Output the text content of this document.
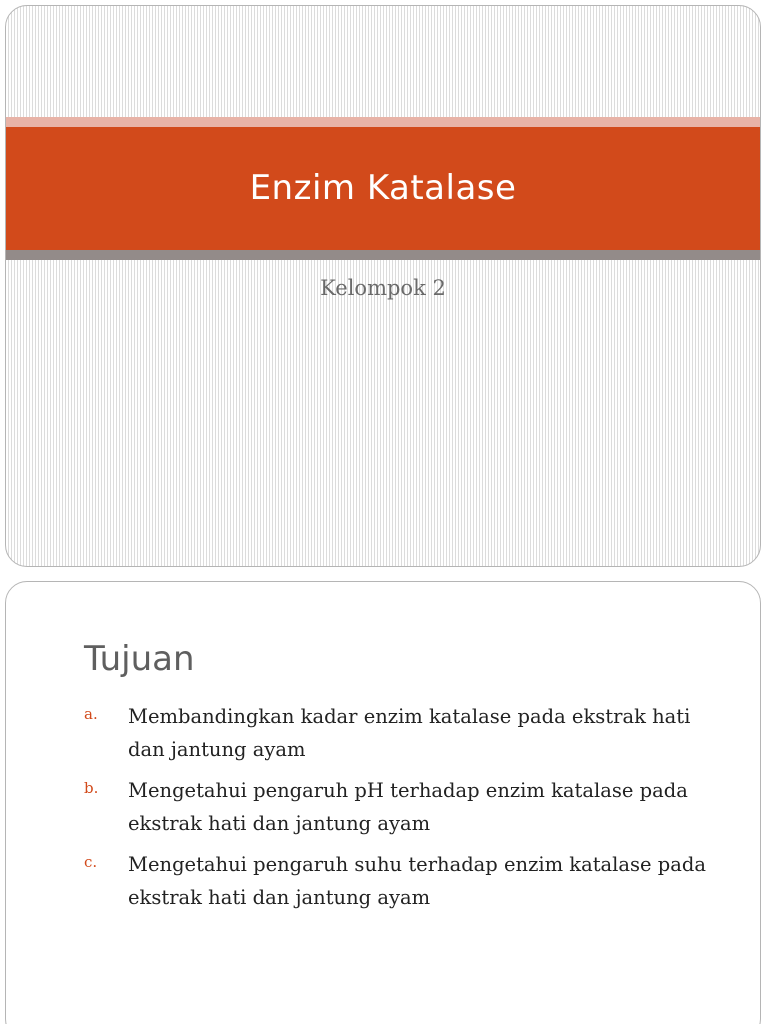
Enzim Katalase
Kelompok 2
Tujuan
a.	Membandingkan kadar enzim katalase pada ekstrak hati dan jantung ayam
b.	Mengetahui pengaruh pH terhadap enzim katalase pada ekstrak hati dan jantung ayam
c.	Mengetahui pengaruh suhu terhadap enzim katalase pada ekstrak hati dan jantung ayam
